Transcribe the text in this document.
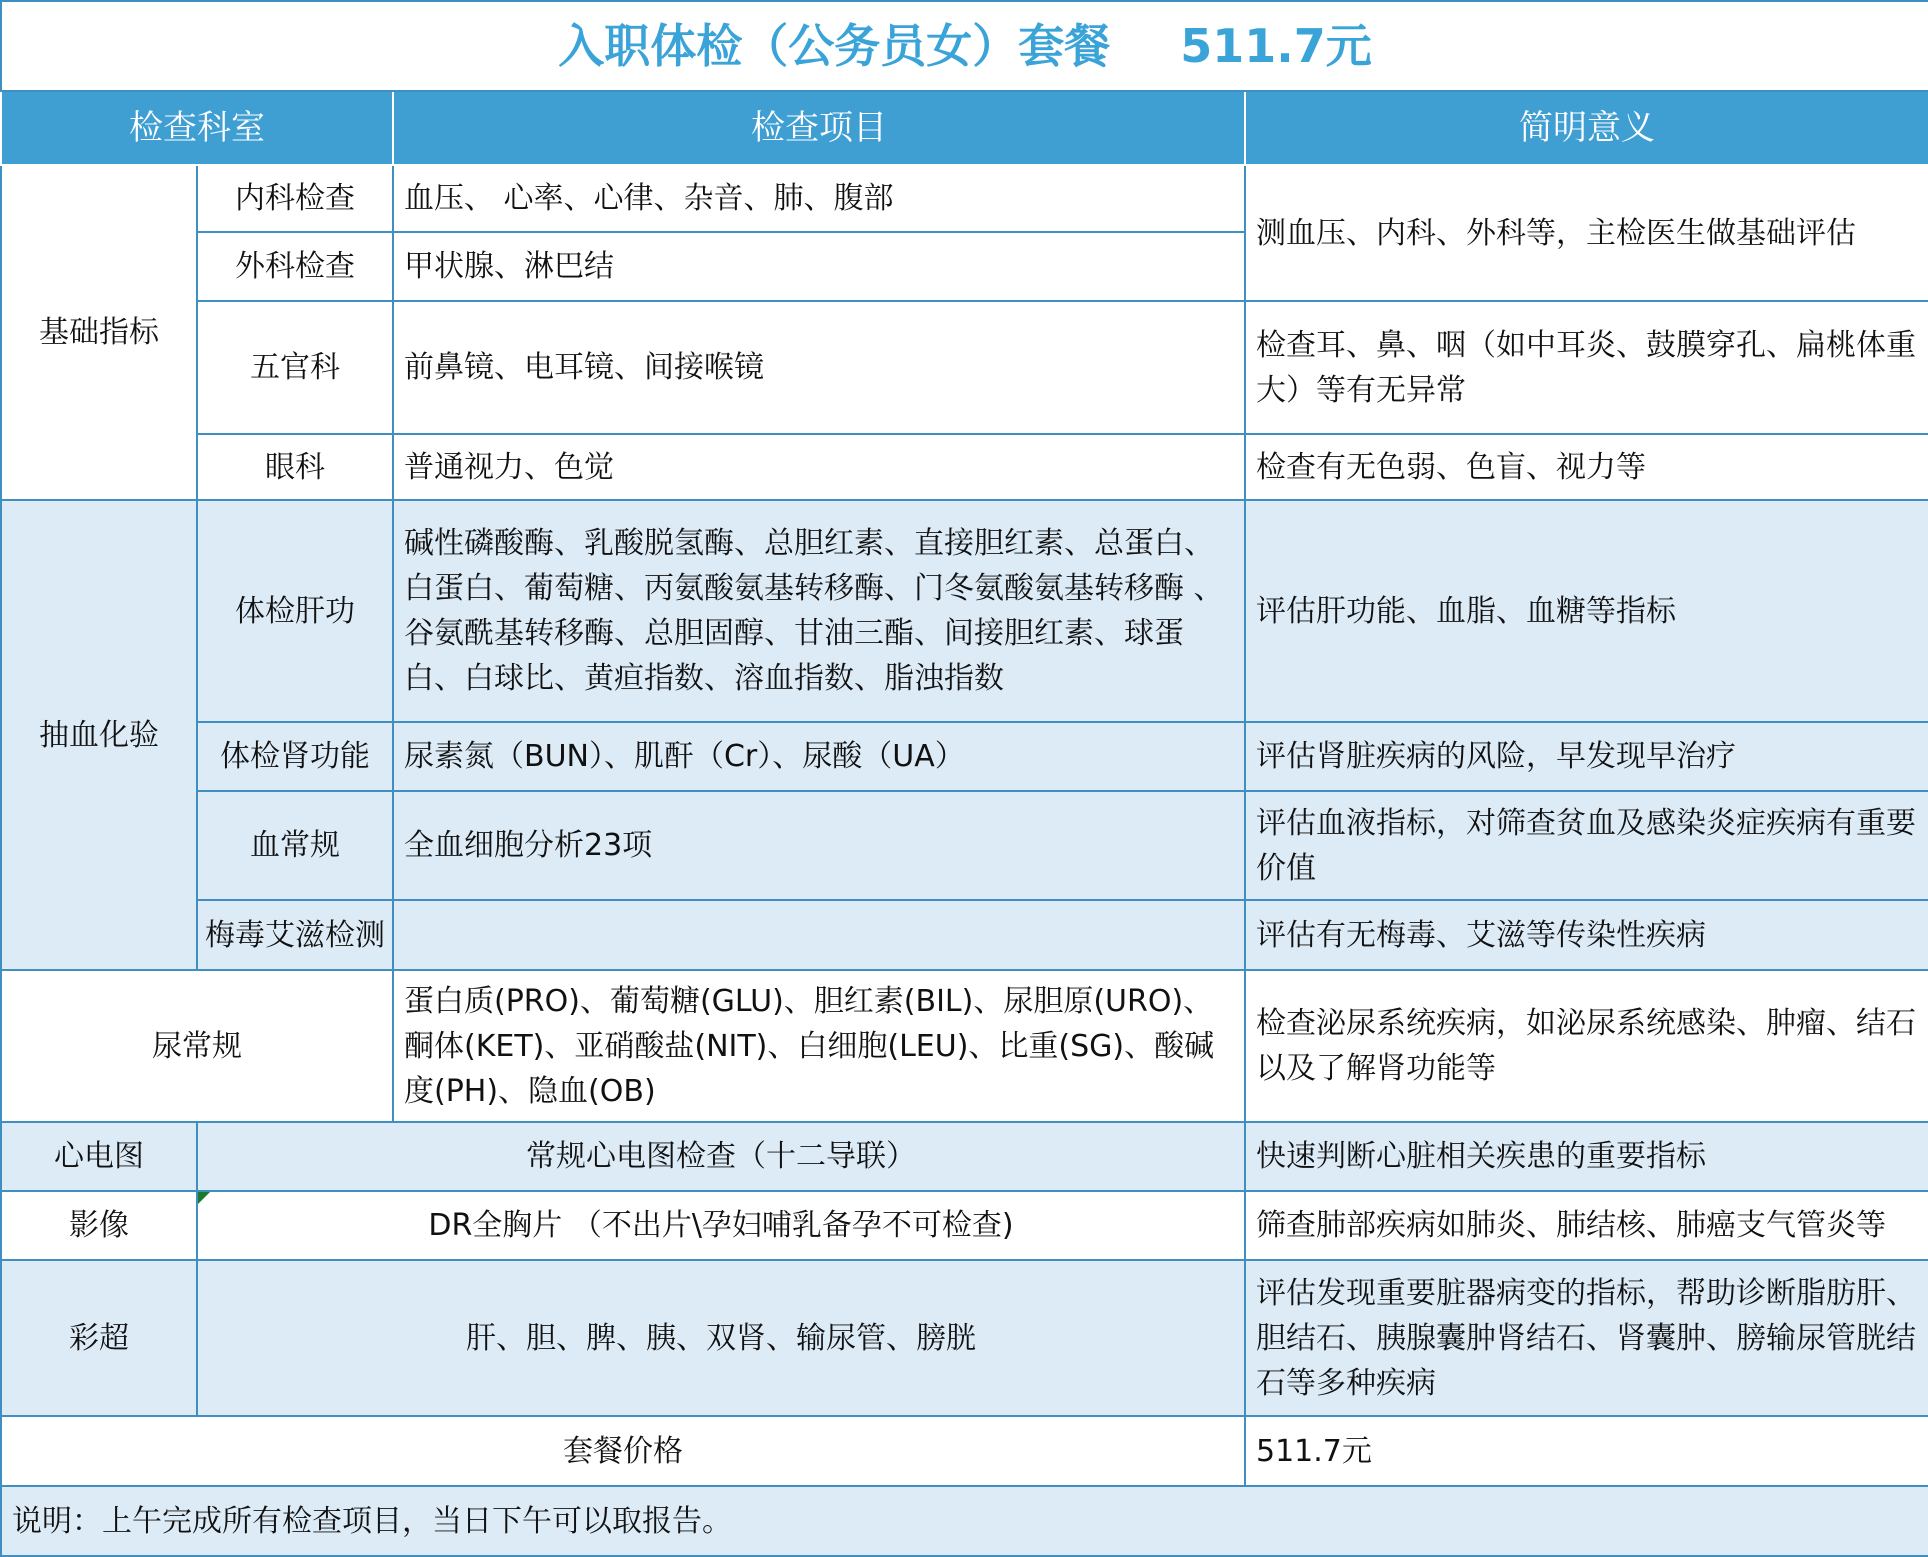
入职体检（公务员女）套餐 511.7元			
检查科室		检查项目	简明意义
基础指标	内科检查	血压、 心率、心律、杂音、肺、腹部	测血压、内科、外科等，主检医生做基础评估
	外科检查	甲状腺、淋巴结	
	五官科	前鼻镜、电耳镜、间接喉镜	检查耳、鼻、咽（如中耳炎、鼓膜穿孔、扁桃体重大）等有无异常
	眼科	普通视力、色觉	检查有无色弱、色盲、视力等
抽血化验	体检肝功	碱性磷酸酶、乳酸脱氢酶、总胆红素、直接胆红素、总蛋白、白蛋白、葡萄糖、丙氨酸氨基转移酶、门冬氨酸氨基转移酶 、谷氨酰基转移酶、总胆固醇、甘油三酯、间接胆红素、球蛋白、白球比、黄疸指数、溶血指数、脂浊指数	评估肝功能、血脂、血糖等指标
	体检肾功能	尿素氮（BUN）、肌酐（Cr）、尿酸（UA）	评估肾脏疾病的风险，早发现早治疗
	血常规	全血细胞分析23项	评估血液指标，对筛查贫血及感染炎症疾病有重要价值
	梅毒艾滋检测		评估有无梅毒、艾滋等传染性疾病
尿常规		蛋白质(PRO)、葡萄糖(GLU)、胆红素(BIL)、尿胆原(URO)、酮体(KET)、亚硝酸盐(NIT)、白细胞(LEU)、比重(SG)、酸碱度(PH)、隐血(OB)	检查泌尿系统疾病，如泌尿系统感染、肿瘤、结石以及了解肾功能等
心电图	常规心电图检查（十二导联）		快速判断心脏相关疾患的重要指标
影像	DR全胸片 （不出片\孕妇哺乳备孕不可检查)		筛查肺部疾病如肺炎、肺结核、肺癌支气管炎等
彩超	肝、胆、脾、胰、双肾、输尿管、膀胱		评估发现重要脏器病变的指标，帮助诊断脂肪肝、胆结石、胰腺囊肿肾结石、肾囊肿、膀输尿管胱结石等多种疾病
套餐价格			511.7元
说明：上午完成所有检查项目，当日下午可以取报告。			
